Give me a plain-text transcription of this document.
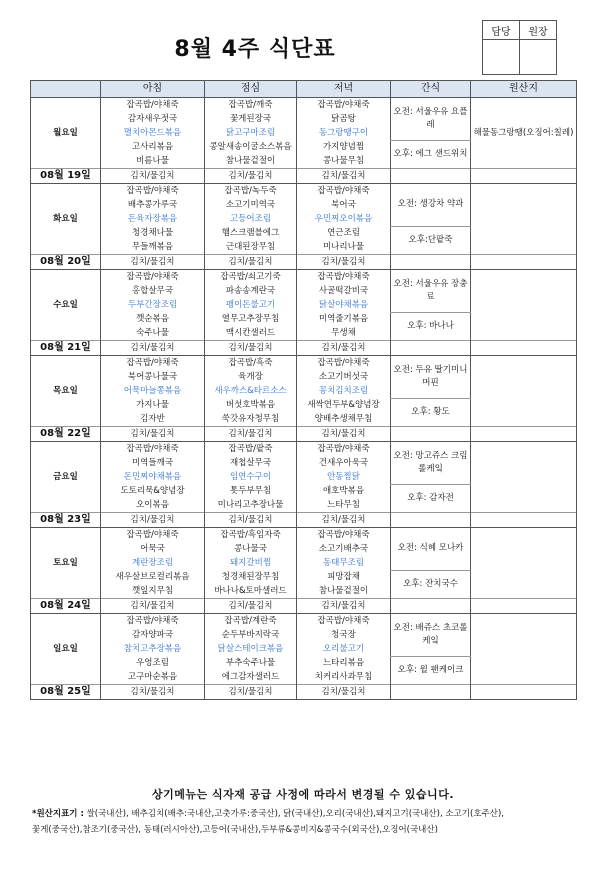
8월 4주 식단표
담당	원장

	아침	점심	저녁	간식	원산지
월요일	잡곡밥/야채죽	잡곡밥/깨죽	잡곡밥/야채죽	오전: 서울우유 요플레	해물동그랑땡(오징어:칠레)
	감자새우젓국	꽃게된장국	닭곰탕		
	멸치아몬드볶음	닭고구마조림	동그랑땡구이		
	고사리볶음	콩알새송이굴소스볶음	가지양념찜	오후: 에그 샌드위치	
	비름나물	참나물겉절이	콩나물무침		
08월 19일	김치/물김치	김치/물김치	김치/물김치		
화요일	잡곡밥/야채죽	잡곡밥/녹두죽	잡곡밥/야채죽	오전: 생강차 약과	
	배추콩가루국	소고기미역국	북어국		
	돈육자장볶음	고등어조림	우민찌오이볶음		
	청경채나물	햄스크램블에그	연근조림	오후:단팥죽	
	무들깨볶음	근대된장무침	미나리나물		
08월 20일	김치/물김치	김치/물김치	김치/물김치		
수요일	잡곡밥/야채죽	잡곡밥/쇠고기죽	잡곡밥/야채죽	오전: 서울우유 장충료	
	홍합살무국	파송송계란국	사골떡갈비국		
	두부간장조림	팽이돈불고기	닭살야채볶음		
	깻순볶음	열무고추장무침	미역줄기볶음	오후: 바나나	
	숙주나물	맥시칸샐러드	무생채		
08월 21일	김치/물김치	김치/물김치	김치/물김치		
목요일	잡곡밥/야채죽	잡곡밥/흑죽	잡곡밥/야채죽	오전: 두유 딸기미니머핀	
	북어콩나물국	육개장	소고기버섯국		
	어묵마늘쫑볶음	새우까스&타르소스	꽁치김치조림		
	가지나물	버섯호박볶음	새싹연두부&양념장	오후: 황도	
	김자반	쑥갓유자청무침	양배추생채무침		
08월 22일	김치/물김치	김치/물김치	김치/물김치		
금요일	잡곡밥/야채죽	잡곡밥/팥죽	잡곡밥/야채죽	오전: 망고쥬스 크림롤케잌	
	미역들깨국	재첩살무국	건새우아욱국		
	돈민찌야채볶음	임연수구이	안동찜닭		
	도토리묵&양념장	톳두부무침	애호박볶음	오후: 감자전	
	오이볶음	미나리고추장나물	느타무침		
08월 23일	김치/물김치	김치/물김치	김치/물김치		
토요일	잡곡밥/야채죽	잡곡밥/흑임자죽	잡곡밥/야채죽	오전: 식혜 모나카	
	어묵국	콩나물국	소고기배추국		
	계란장조림	돼지갈비찜	동태무조림		
	새우살브로컬리볶음	청경채된장무침	피망잡채	오후: 잔치국수	
	깻잎지무침	바나나&토마샐러드	참나물겉절이		
08월 24일	김치/물김치	김치/물김치	김치/물김치		
일요일	잡곡밥/야채죽	잡곡밥/계란죽	잡곡밥/야채죽	오전: 배쥬스 초코롤케잌	
	감자양파국	순두부바지락국	청국장		
	참치고추장볶음	닭살스테이크볶음	오리불고기		
	우엉조림	부추숙주나물	느타리볶음	오후: 윌 팬케이크	
	고구마순볶음	에그감자샐러드	치커리사과무침		
08월 25일	김치/물김치	김치/물김치	김치/물김치		
상기메뉴는 식자재 공급 사정에 따라서 변경될 수 있습니다.
*원산지표기 : 쌀(국내산), 배추김치(배추:국내산,고춧가루:중국산), 닭(국내산),오리(국내산),돼지고기(국내산), 소고기(호주산),
꽃게(중국산),참조기(중국산), 동태(러시아산),고등어(국내산),두부류&콩비지&콩국수(외국산),오징어(국내산)
